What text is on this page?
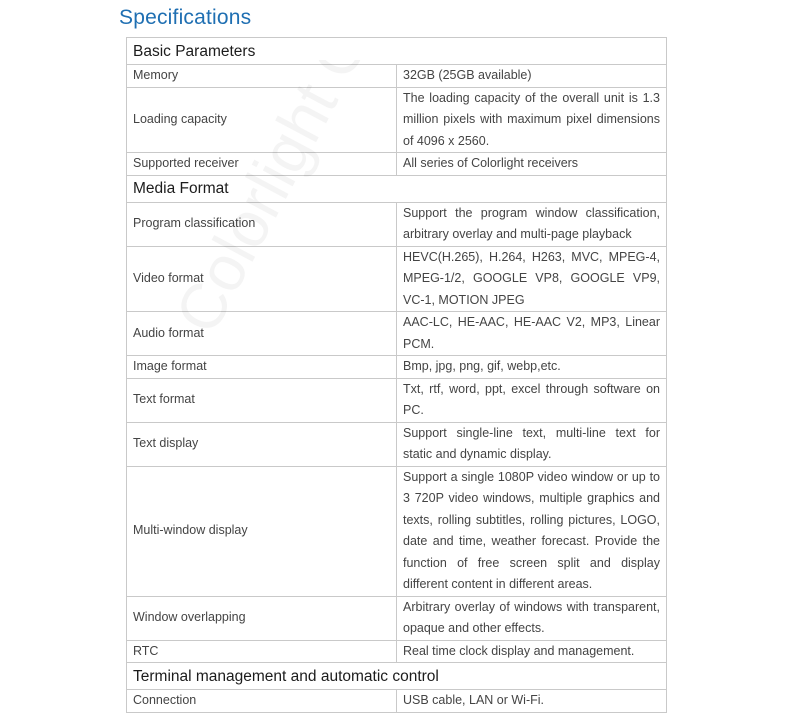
Specifications
Basic Parameters	
Memory	32GB (25GB available)
Loading capacity	The loading capacity of the overall unit is 1.3 million pixels with maximum pixel dimensions of 4096 x 2560.
Supported receiver	All series of Colorlight receivers
Media Format	
Program classification	Support the program window classification, arbitrary overlay and multi-page playback
Video format	HEVC(H.265), H.264, H263, MVC, MPEG-4, MPEG-1/2, GOOGLE VP8, GOOGLE VP9, VC-1, MOTION JPEG
Audio format	AAC-LC, HE-AAC, HE-AAC V2, MP3, Linear PCM.
Image format	Bmp, jpg, png, gif, webp,etc.
Text format	Txt, rtf, word, ppt, excel through software on PC.
Text display	Support single-line text, multi-line text for static and dynamic display.
Multi-window display	Support a single 1080P video window or up to 3 720P video windows, multiple graphics and texts, rolling subtitles, rolling pictures, LOGO, date and time, weather forecast. Provide the function of free screen split and display different content in different areas.
Window overlapping	Arbitrary overlay of windows with transparent, opaque and other effects.
RTC	Real time clock display and management.
Terminal management and automatic control	
Connection	USB cable, LAN or Wi-Fi.
